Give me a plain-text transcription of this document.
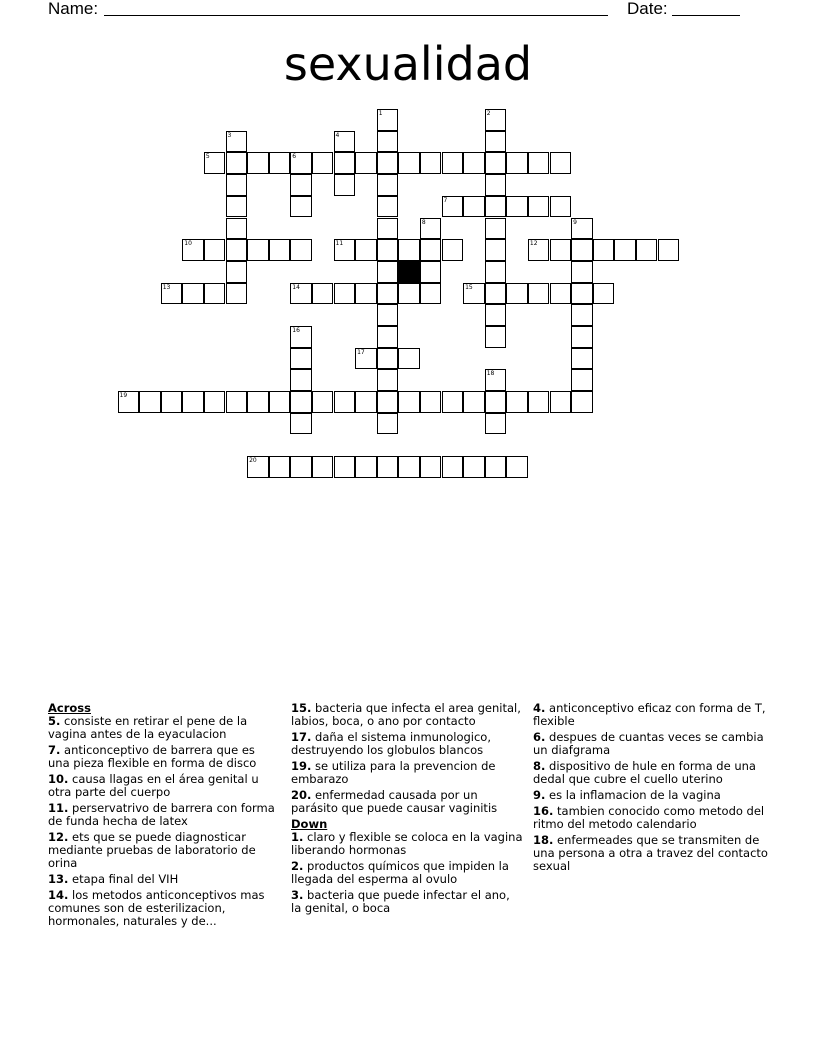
Name:	Date:
sexualidad
1	2
3	4
5	6
7
8	9
10	11	12
13	14	15
16
17
18
19
20

Across

5. consiste en retirar el pene de la vagina antes de la eyaculacion

7. anticonceptivo de barrera que es una pieza flexible en forma de disco

10. causa llagas en el área genital u otra parte del cuerpo

11. perservatrivo de barrera con forma de funda hecha de latex

12. ets que se puede diagnosticar mediante pruebas de laboratorio de orina

13. etapa final del VIH

14. los metodos anticonceptivos mas comunes son de esterilizacion, hormonales, naturales y de...

15. bacteria que infecta el area genital, labios, boca, o ano por contacto

17. daña el sistema inmunologico, destruyendo los globulos blancos

19. se utiliza para la prevencion de embarazo

20. enfermedad causada por un parásito que puede causar vaginitis

Down

1. claro y flexible se coloca en la vagina liberando hormonas

2. productos químicos que impiden la llegada del esperma al ovulo

3. bacteria que puede infectar el ano, la genital, o boca

4. anticonceptivo eficaz con forma de T, flexible

6. despues de cuantas veces se cambia un diafgrama

8. dispositivo de hule en forma de una dedal que cubre el cuello uterino

9. es la inflamacion de la vagina

16. tambien conocido como metodo del ritmo del metodo calendario

18. enfermeades que se transmiten de una persona a otra a travez del contacto sexual
